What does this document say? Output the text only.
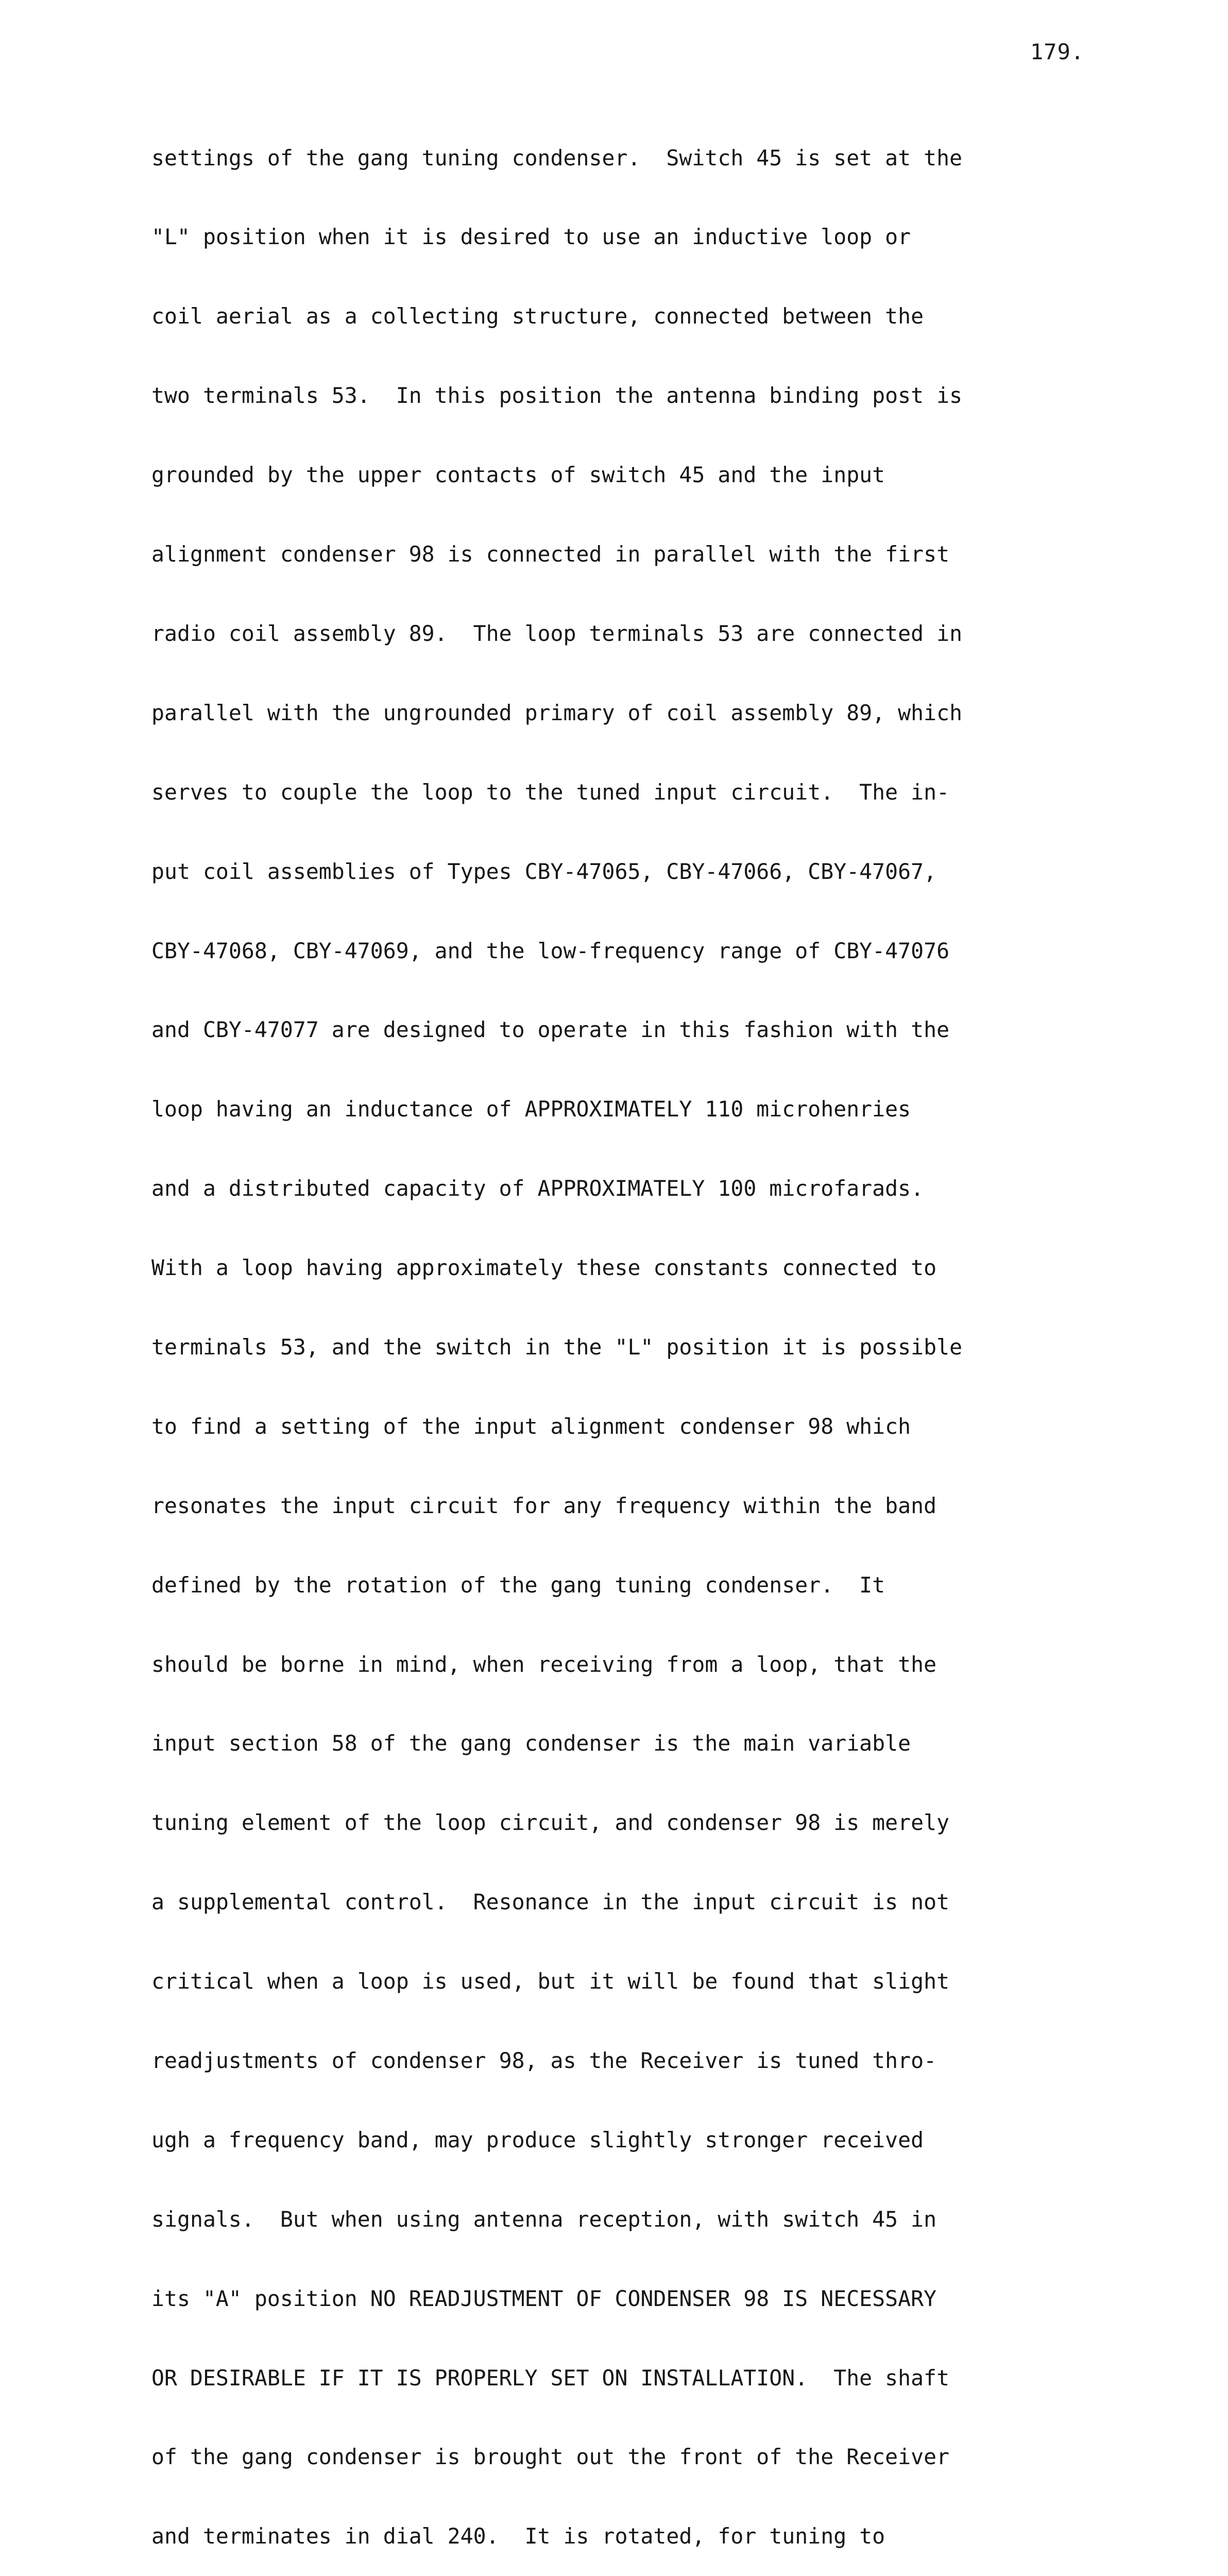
179.

settings of the gang tuning condenser.  Switch 45 is set at the

"L" position when it is desired to use an inductive loop or

coil aerial as a collecting structure, connected between the

two terminals 53.  In this position the antenna binding post is

grounded by the upper contacts of switch 45 and the input

alignment condenser 98 is connected in parallel with the first

radio coil assembly 89.  The loop terminals 53 are connected in

parallel with the ungrounded primary of coil assembly 89, which

serves to couple the loop to the tuned input circuit.  The in-

put coil assemblies of Types CBY-47065, CBY-47066, CBY-47067,

CBY-47068, CBY-47069, and the low-frequency range of CBY-47076

and CBY-47077 are designed to operate in this fashion with the

loop having an inductance of APPROXIMATELY 110 microhenries

and a distributed capacity of APPROXIMATELY 100 microfarads.

With a loop having approximately these constants connected to

terminals 53, and the switch in the "L" position it is possible

to find a setting of the input alignment condenser 98 which

resonates the input circuit for any frequency within the band

defined by the rotation of the gang tuning condenser.  It

should be borne in mind, when receiving from a loop, that the

input section 58 of the gang condenser is the main variable

tuning element of the loop circuit, and condenser 98 is merely

a supplemental control.  Resonance in the input circuit is not

critical when a loop is used, but it will be found that slight

readjustments of condenser 98, as the Receiver is tuned thro-

ugh a frequency band, may produce slightly stronger received

signals.  But when using antenna reception, with switch 45 in

its "A" position NO READJUSTMENT OF CONDENSER 98 IS NECESSARY

OR DESIRABLE IF IT IS PROPERLY SET ON INSTALLATION.  The shaft

of the gang condenser is brought out the front of the Receiver

and terminates in dial 240.  It is rotated, for tuning to
